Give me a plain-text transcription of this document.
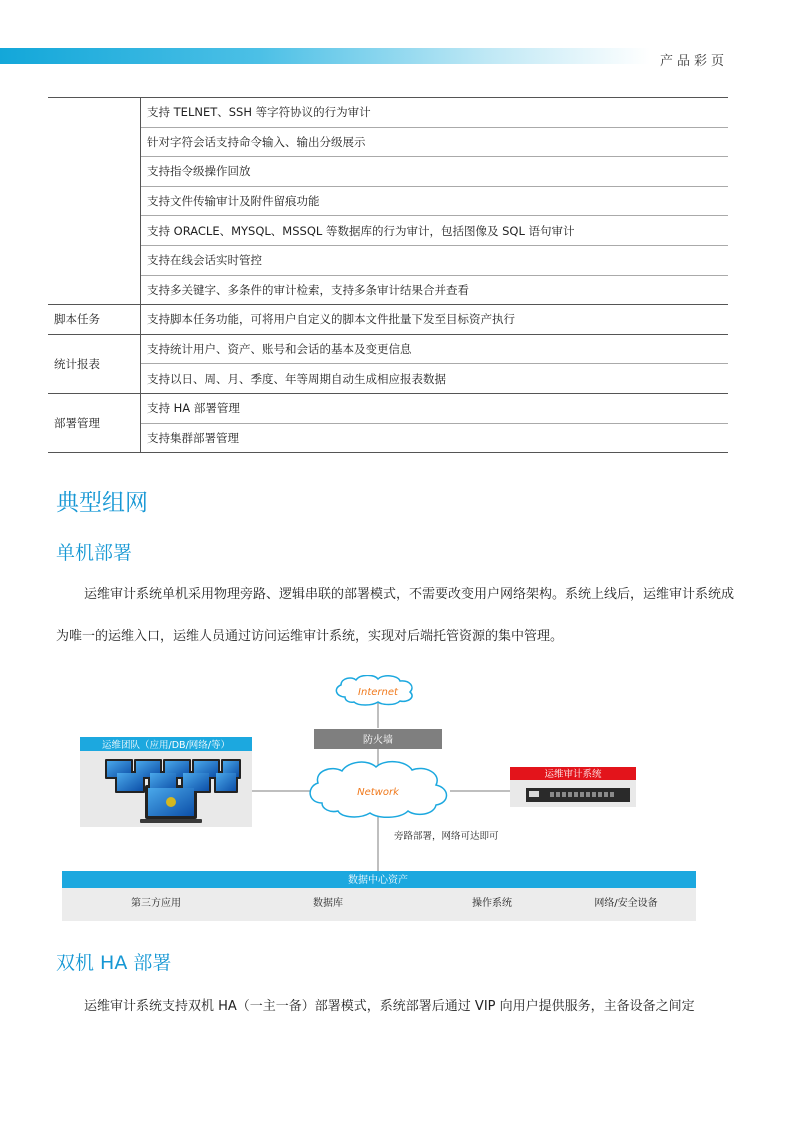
产品彩页
	支持 TELNET、SSH 等字符协议的行为审计
	针对字符会话支持命令输入、输出分级展示
	支持指令级操作回放
	支持文件传输审计及附件留痕功能
	支持 ORACLE、MYSQL、MSSQL 等数据库的行为审计，包括图像及 SQL 语句审计
	支持在线会话实时管控
	支持多关键字、多条件的审计检索，支持多条审计结果合并查看
脚本任务	支持脚本任务功能，可将用户自定义的脚本文件批量下发至目标资产执行
统计报表	支持统计用户、资产、账号和会话的基本及变更信息
	支持以日、周、月、季度、年等周期自动生成相应报表数据
部署管理	支持 HA 部署管理
	支持集群部署管理
典型组网
单机部署
运维审计系统单机采用物理旁路、逻辑串联的部署模式，不需要改变用户网络架构。系统上线后，运维审计系统成为唯一的运维入口，运维人员通过访问运维审计系统，实现对后端托管资源的集中管理。
Internet
防火墙
运维团队（应用/DB/网络/等）
Network
运维审计系统
旁路部署，网络可达即可
数据中心资产
第三方应用	数据库	操作系统	网络/安全设备
双机 HA 部署
运维审计系统支持双机 HA（一主一备）部署模式，系统部署后通过 VIP 向用户提供服务，主备设备之间定
